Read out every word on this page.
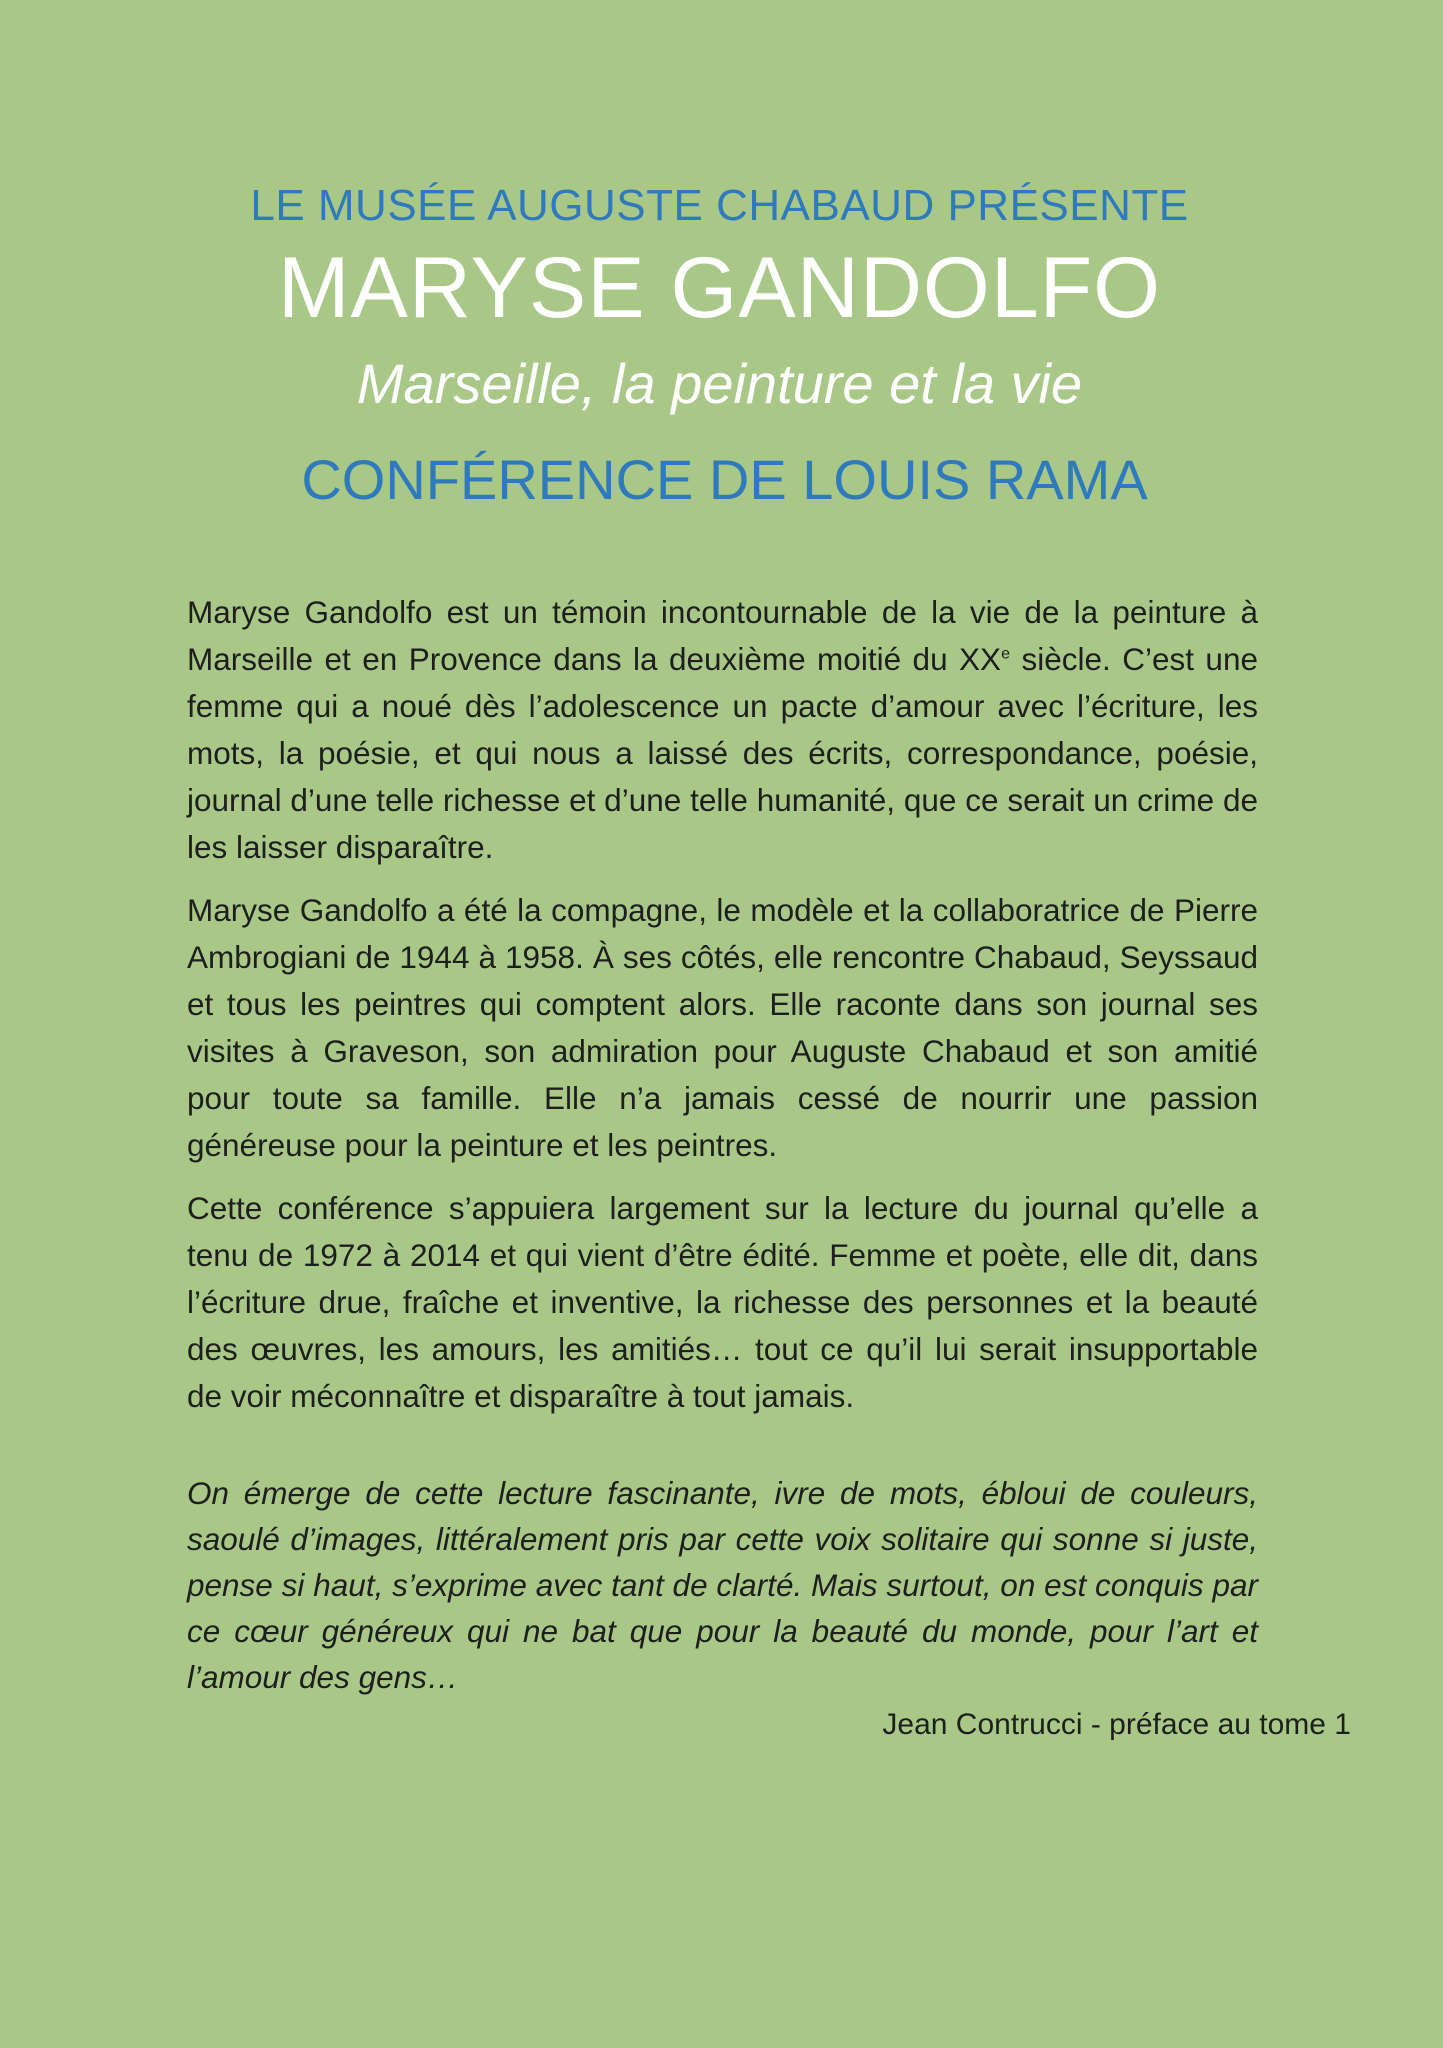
LE MUSÉE AUGUSTE CHABAUD PRÉSENTE
MARYSE GANDOLFO
Marseille, la peinture et la vie
CONFÉRENCE DE LOUIS RAMA

Maryse Gandolfo est un témoin incontournable de la vie de la peinture à Marseille et en Provence dans la deuxième moitié du XXe siècle. C’est une femme qui a noué dès l’adolescence un pacte d’amour avec l’écriture, les mots, la poésie, et qui nous a laissé des écrits, correspondance, poésie, journal d’une telle richesse et d’une telle humanité, que ce serait un crime de les laisser disparaître.

Maryse Gandolfo a été la compagne, le modèle et la collaboratrice de Pierre Ambrogiani de 1944 à 1958. À ses côtés, elle rencontre Chabaud, Seyssaud et tous les peintres qui comptent alors. Elle raconte dans son journal ses visites à Graveson, son admiration pour Auguste Chabaud et son amitié pour toute sa famille. Elle n’a jamais cessé de nourrir une passion généreuse pour la peinture et les peintres.

Cette conférence s’appuiera largement sur la lecture du journal qu’elle a tenu de 1972 à 2014 et qui vient d’être édité. Femme et poète, elle dit, dans l’écriture drue, fraîche et inventive, la richesse des personnes et la beauté des œuvres, les amours, les amitiés… tout ce qu’il lui serait insupportable de voir méconnaître et disparaître à tout jamais.

On émerge de cette lecture fascinante, ivre de mots, ébloui de couleurs, saoulé d’images, littéralement pris par cette voix solitaire qui sonne si juste, pense si haut, s’exprime avec tant de clarté. Mais surtout, on est conquis par ce cœur généreux qui ne bat que pour la beauté du monde, pour l’art et l’amour des gens…
Jean Contrucci - préface au tome 1
